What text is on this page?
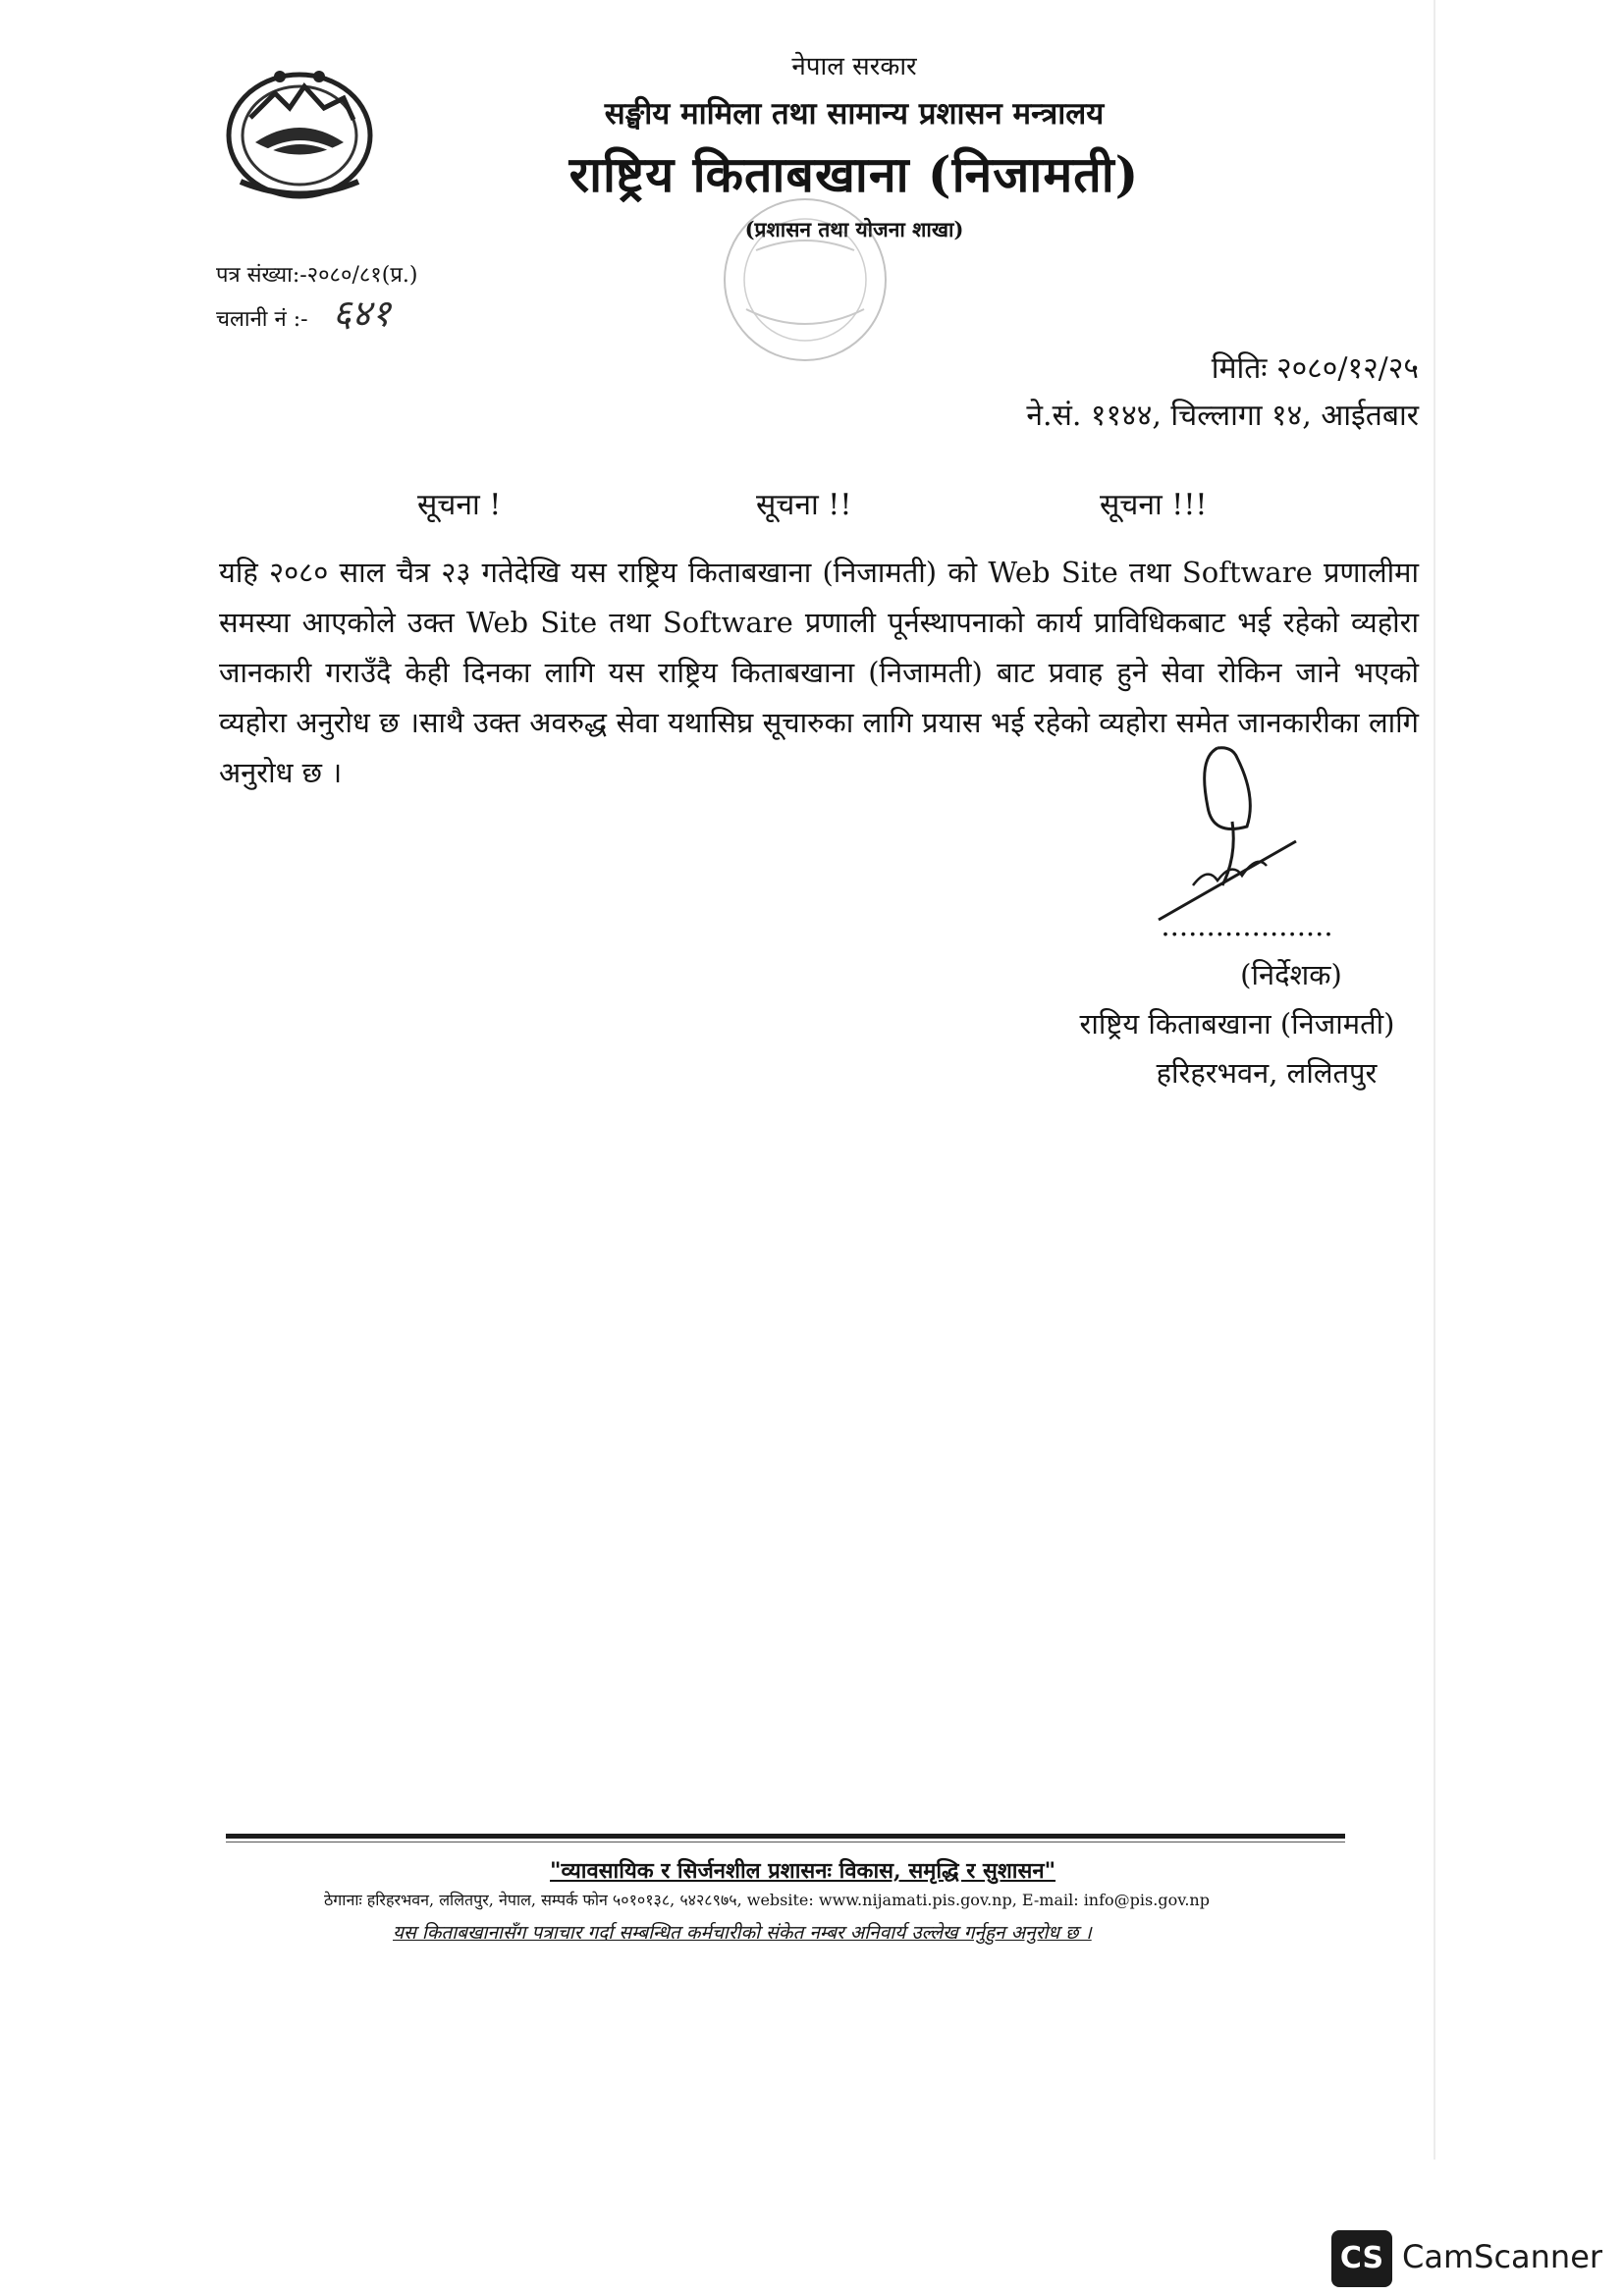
नेपाल सरकार
सङ्घीय मामिला तथा सामान्य प्रशासन मन्त्रालय
राष्ट्रिय किताबखाना (निजामती)
(प्रशासन तथा योजना शाखा)
पत्र संख्या:-२०८०/८१(प्र.)
चलानी नं :- ६४१
मितिः २०८०/१२/२५
ने.सं. ११४४, चिल्लागा १४, आईतबार
सूचना !	सूचना !!	सूचना !!!
यहि २०८० साल चैत्र २३ गतेदेखि यस राष्ट्रिय किताबखाना (निजामती) को Web Site तथा Software प्रणालीमा समस्या आएकोले उक्त Web Site तथा Software प्रणाली पूर्नस्थापनाको कार्य प्राविधिकबाट भई रहेको व्यहोरा जानकारी गराउँदै केही दिनका लागि यस राष्ट्रिय किताबखाना (निजामती) बाट प्रवाह हुने सेवा रोकिन जाने भएको व्यहोरा अनुरोध छ ।साथै उक्त अवरुद्ध सेवा यथासिघ्र सूचारुका लागि प्रयास भई रहेको व्यहोरा समेत जानकारीका लागि अनुरोध छ ।
...................
(निर्देशक)
राष्ट्रिय किताबखाना (निजामती)
हरिहरभवन, ललितपुर
"व्यावसायिक र सिर्जनशील प्रशासनः विकास, समृद्धि र सुशासन"
ठेगानाः हरिहरभवन, ललितपुर, नेपाल, सम्पर्क फोन ५०१०१३८, ५४२८९७५, website: www.nijamati.pis.gov.np, E-mail: info@pis.gov.np
यस किताबखानासँग पत्राचार गर्दा सम्बन्धित कर्मचारीको संकेत नम्बर अनिवार्य उल्लेख गर्नुहुन अनुरोध छ ।
CS CamScanner
